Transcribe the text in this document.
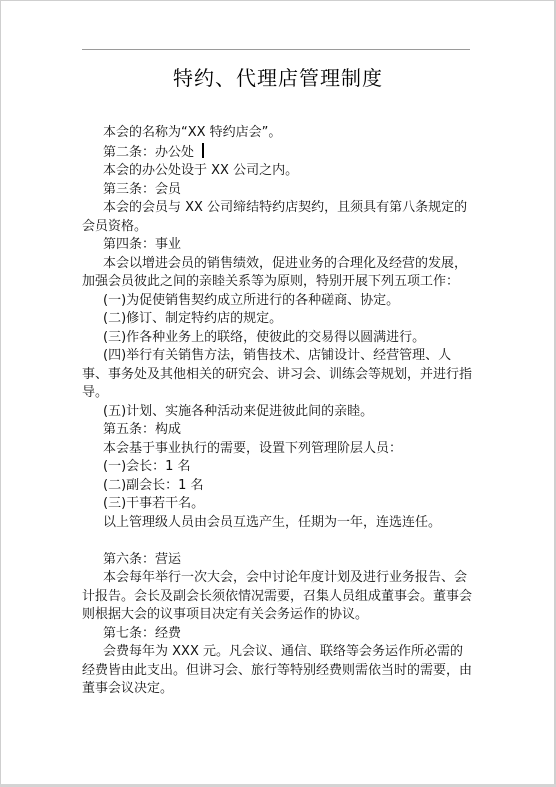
特约、代理店管理制度

本会的名称为“XX 特约店会”。

第二条：办公处

本会的办公处设于 XX 公司之内。

第三条：会员

本会的会员与 XX 公司缔结特约店契约，且须具有第八条规定的会员资格。

第四条：事业

本会以增进会员的销售绩效，促进业务的合理化及经营的发展，加强会员彼此之间的亲睦关系等为原则，特别开展下列五项工作：

(一)为促使销售契约成立所进行的各种磋商、协定。

(二)修订、制定特约店的规定。

(三)作各种业务上的联络，使彼此的交易得以圆满进行。

(四)举行有关销售方法，销售技术、店铺设计、经营管理、人事、事务处及其他相关的研究会、讲习会、训练会等规划，并进行指导。

(五)计划、实施各种活动来促进彼此间的亲睦。

第五条：构成

本会基于事业执行的需要，设置下列管理阶层人员：

(一)会长：1 名

(二)副会长：1 名

(三)干事若干名。

以上管理级人员由会员互选产生，任期为一年，连选连任。

第六条：营运

本会每年举行一次大会，会中讨论年度计划及进行业务报告、会计报告。会长及副会长须依情况需要，召集人员组成董事会。董事会则根据大会的议事项目决定有关会务运作的协议。

第七条：经费

会费每年为 XXX 元。凡会议、通信、联络等会务运作所必需的经费皆由此支出。但讲习会、旅行等特别经费则需依当时的需要，由董事会议决定。
